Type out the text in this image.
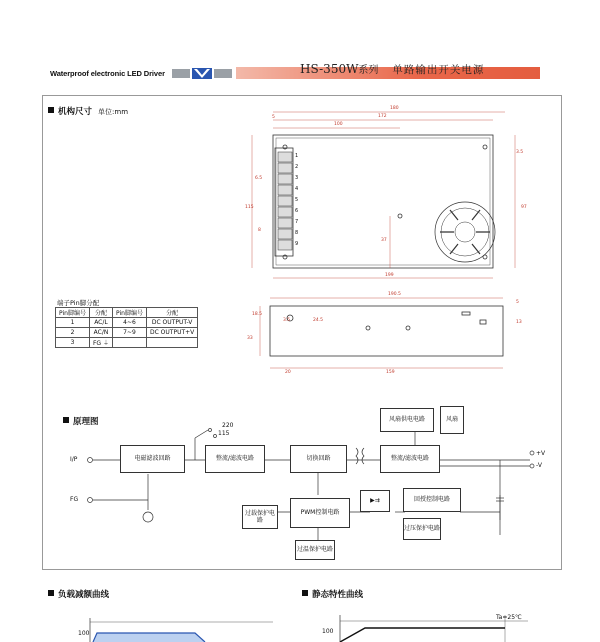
Waterproof electronic LED Driver	HS-350W系列 单路输出开关电源
机构尺寸 单位:mm	180
5	172
100
115	97
37
8
6.5
3.5
199
190.5
18.5
24.5
3.5
33
13
5
20	159
端子Pin脚分配
Pin脚编号	分配	Pin脚编号	分配
1	AC/L	4~6	DC OUTPUT-V
2	AC/N	7~9	DC OUTPUT+V
3	FG ⏚		
原理图
I/P
FG
220
115
电磁滤波回路	整流/滤波电路	切换回路	整流/滤波电路
风扇供电电路	风扇
PWM控制电路
过载保护电路
过温保护电路
▶⇉	回授控制电路
过压保护电路
+V
-V
负载减额曲线	静态特性曲线
Ta=25℃
100	100
1
2
3
4
5
6
7
8
9
